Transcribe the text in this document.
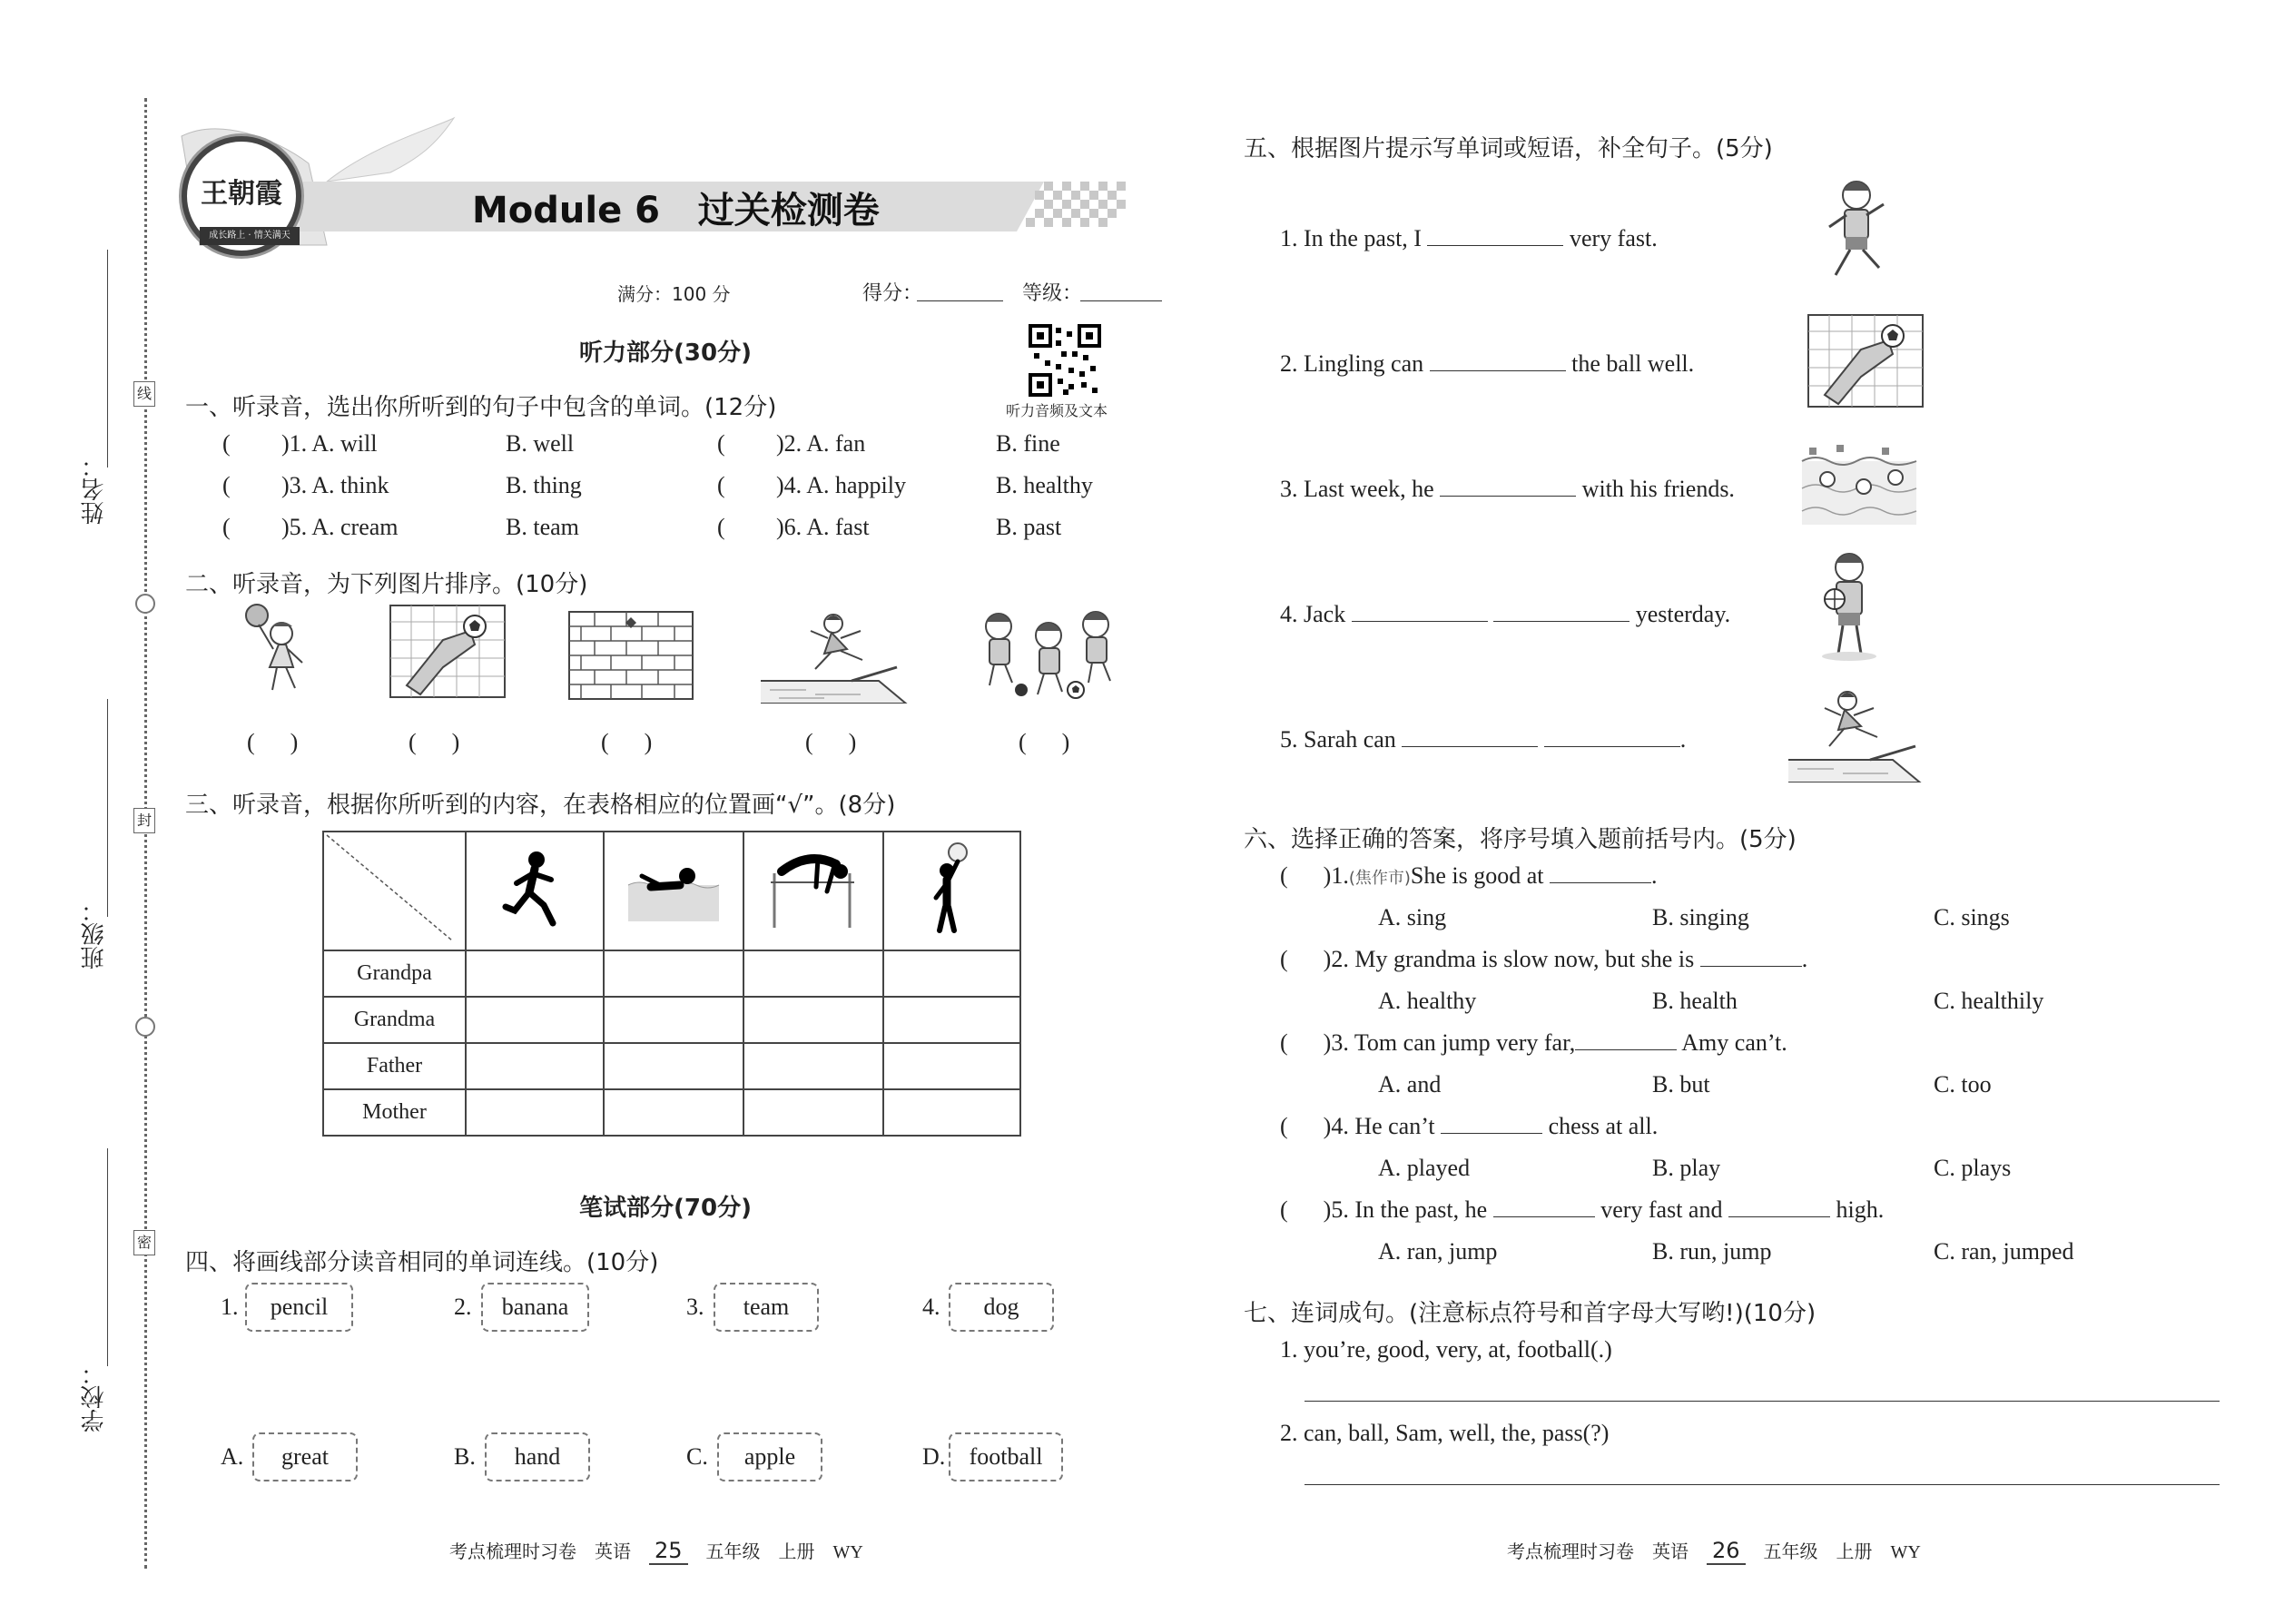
姓名：
班级：
学校：
线
封
密
王朝霞
成长路上 · 情关满天
Module 6   过关检测卷
满分：100 分	得分：	等级：
听力音频及文本
听力部分(30分)
一、听录音，选出你所听到的句子中包含的单词。(12分)
( )1. A. will	B. well	( )2. A. fan	B. fine
( )3. A. think	B. thing	( )4. A. happily	B. healthy
( )5. A. cream	B. team	( )6. A. fast	B. past
二、听录音，为下列图片排序。(10分)
(      )	(      )	(      )	(      )	(      )
三、听录音，根据你所听到的内容，在表格相应的位置画“√”。(8分)

Grandpa				
Grandma				
Father				
Mother				
笔试部分(70分)
四、将画线部分读音相同的单词连线。(10分)
1.	pencil	2.	banana	3.	team	4.	dog
A.	great	B.	hand	C.	apple	D.	football
考点梳理时习卷 英语 25 五年级 上册 WY
五、根据图片提示写单词或短语，补全句子。(5分)
1. In the past, I	very fast.
2. Lingling can	the ball well.
3. Last week, he	with his friends.
4. Jack	yesterday.
5. Sarah can	.
六、选择正确的答案，将序号填入题前括号内。(5分)
(      )1.(焦作市)She is good at	.
A. sing	B. singing	C. sings
(      )2. My grandma is slow now, but she is	.
A. healthy	B. health	C. healthily
(      )3. Tom can jump very far,	Amy can’t.
A. and	B. but	C. too
(      )4. He can’t	chess at all.
A. played	B. play	C. plays
(      )5. In the past, he	very fast and	high.
A. ran, jump	B. run, jump	C. ran, jumped
七、连词成句。(注意标点符号和首字母大写哟!)(10分)
1. you’re, good, very, at, football(.)
2. can, ball, Sam, well, the, pass(?)
考点梳理时习卷 英语 26 五年级 上册 WY
